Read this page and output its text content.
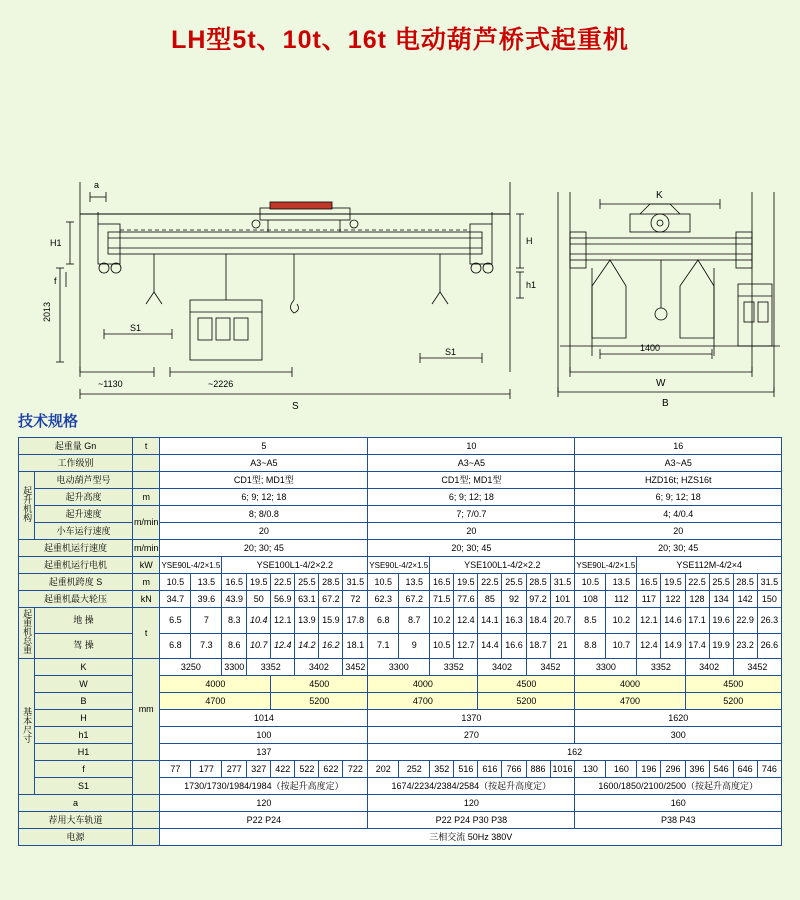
LH型5t、10t、16t 电动葫芦桥式起重机
a
H1
f
2013
S1
S1
~1130	~2226
S
H
h1
K
1400
W
B
技术规格
起重量 Gn		t	5								10								16							
工作级别			A3~A5								A3~A5								A3~A5							
起升机构	电动葫芦型号		CD1型; MD1型								CD1型; MD1型								HZD16t; HZS16t							
	起升高度	m	6; 9; 12; 18								6; 9; 12; 18								6; 9; 12; 18							
	起升速度	m/min	8; 8/0.8								7; 7/0.7								4; 4/0.4							
	小车运行速度		20								20								20							
起重机运行速度		m/min	20; 30; 45								20; 30; 45								20; 30; 45							
起重机运行电机		kW	YSE90L-4/2×1.5		YSE100L1-4/2×2.2						YSE90L-4/2×1.5		YSE100L1-4/2×2.2						YSE90L-4/2×1.5		YSE112M-4/2×4					
起重机跨度 S		m	10.5	13.5	16.5	19.5	22.5	25.5	28.5	31.5	10.5	13.5	16.5	19.5	22.5	25.5	28.5	31.5	10.5	13.5	16.5	19.5	22.5	25.5	28.5	31.5
起重机最大轮压		kN	34.7	39.6	43.9	50	56.9	63.1	67.2	72	62.3	67.2	71.5	77.6	85	92	97.2	101	108	112	117	122	128	134	142	150
起重机总重	地 操	t	6.5	7	8.3	10.4	12.1	13.9	15.9	17.8	6.8	8.7	10.2	12.4	14.1	16.3	18.4	20.7	8.5	10.2	12.1	14.6	17.1	19.6	22.9	26.3
	驾 操		6.8	7.3	8.6	10.7	12.4	14.2	16.2	18.1	7.1	9	10.5	12.7	14.4	16.6	18.7	21	8.8	10.7	12.4	14.9	17.4	19.9	23.2	26.6
基本尺寸	K	mm	3250		3300	3352		3402		3452	3300		3352		3402		3452		3300		3352		3402		3452	
	W		4000				4500				4000				4500				4000				4500			
	B		4700				5200				4700				5200				4700				5200			
	H		1014								1370								1620							
	h1		100								270								300							
	H1		137								162															
	f		77	177	277	327	422	522	622	722	202	252	352	516	616	766	886	1016	130	160	196	296	396	546	646	746
	S1		1730/1730/1984/1984（按起升高度定）								1674/2234/2384/2584（按起升高度定）								1600/1850/2100/2500（按起升高度定）							
a			120								120								160							
荐用大车轨道			P22 P24								P22 P24 P30 P38								P38 P43							
电源			三相交流 50Hz 380V																							
